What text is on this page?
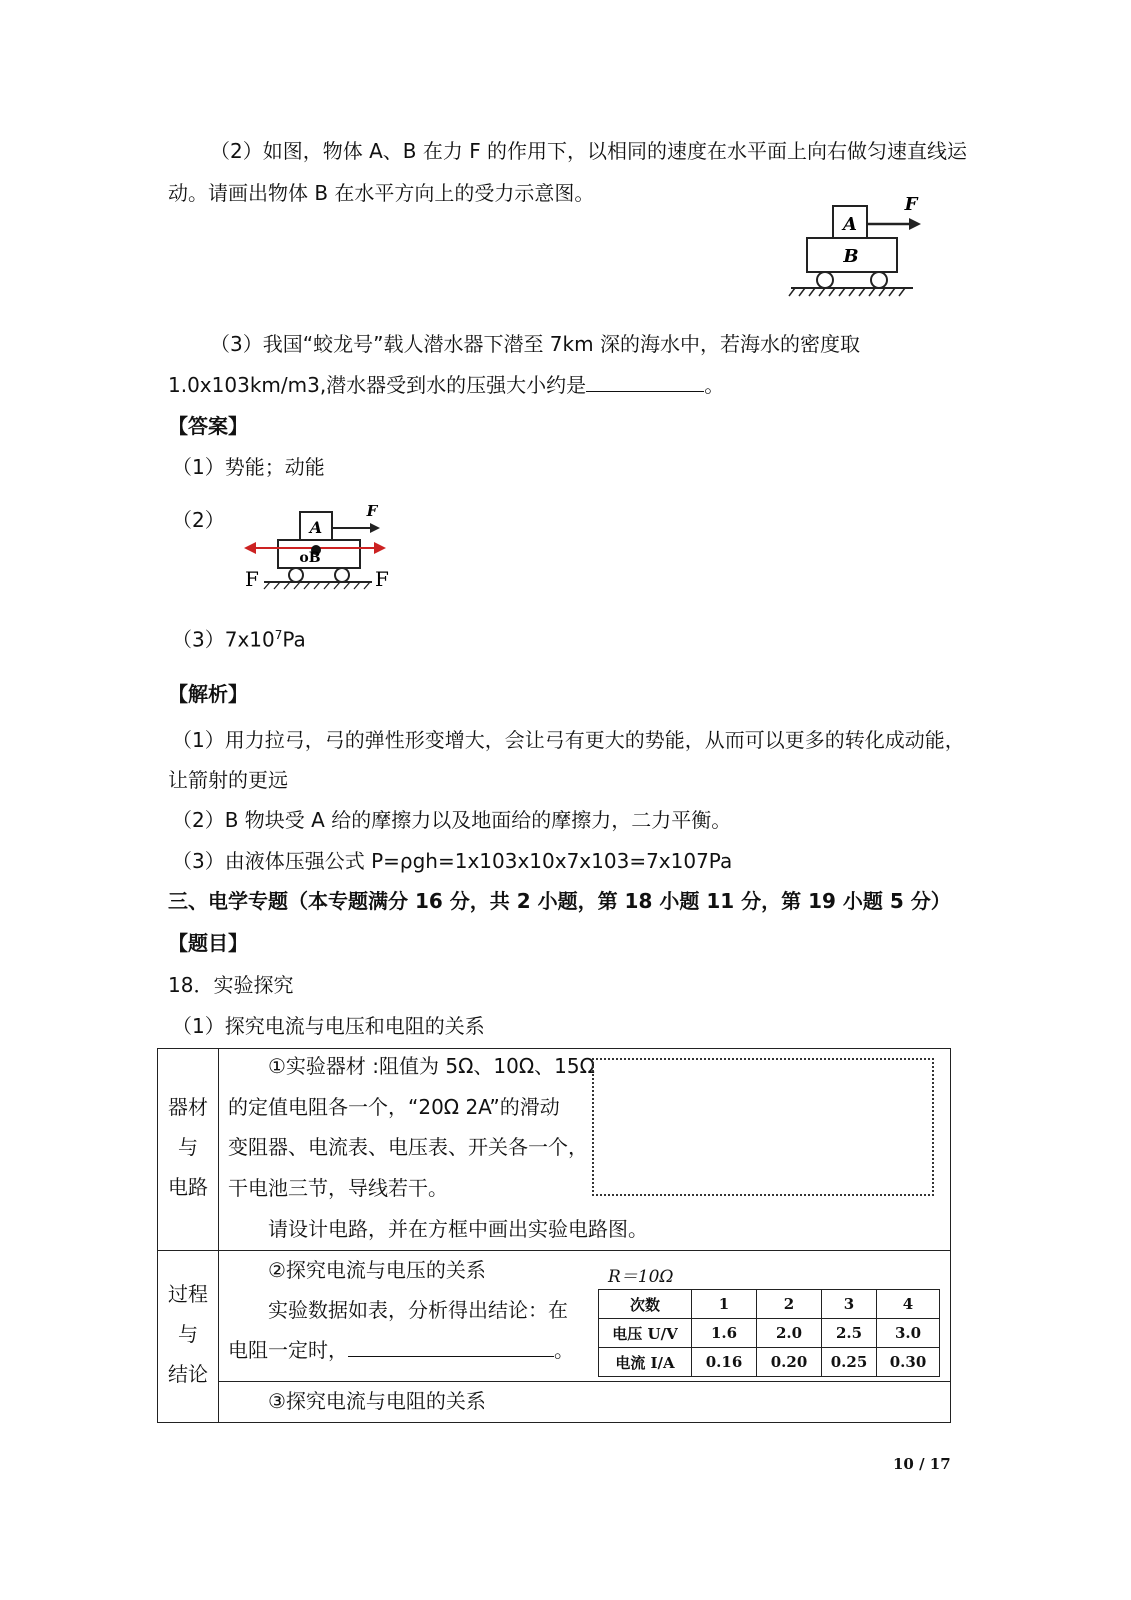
（2）如图，物体 A、B 在力 F 的作用下，以相同的速度在水平面上向右做匀速直线运
动。请画出物体 B 在水平方向上的受力示意图。
A
F
B
（3）我国“蛟龙号”载人潜水器下潜至 7km 深的海水中，若海水的密度取
1.0x103km/m3,潜水器受到水的压强大小约是	。
【答案】
（1）势能；动能
（2）	A
F
oB
F	F
$(3)7x10^7Pa$
【解析】
（1）用力拉弓，弓的弹性形变增大，会让弓有更大的势能，从而可以更多的转化成动能，
让箭射的更远
（2）B 物块受 A 给的摩擦力以及地面给的摩擦力，二力平衡。
（3）由液体压强公式 P=ρgh=1x103x10x7x103=7x107Pa
三、电学专题（本专题满分 16 分，共 2 小题，第 18 小题 11 分，第 19 小题 5 分）
【题目】
18．实验探究
（1）探究电流与电压和电阻的关系
器材
与
电路
①实验器材 :阻值为 5Ω、10Ω、15Ω
的定值电阻各一个，“20Ω 2A”的滑动
变阻器、电流表、电压表、开关各一个，
干电池三节，导线若干。
请设计电路，并在方框中画出实验电路图。
过程
与
结论
②探究电流与电压的关系
实验数据如表，分析得出结论：在
电阻一定时，	。
R＝10Ω
次数	1	2	3	4
电压 U/V	1.6	2.0	2.5	3.0
电流 I/A	0.16	0.20	0.25	0.30
③探究电流与电阻的关系
10 / 17
